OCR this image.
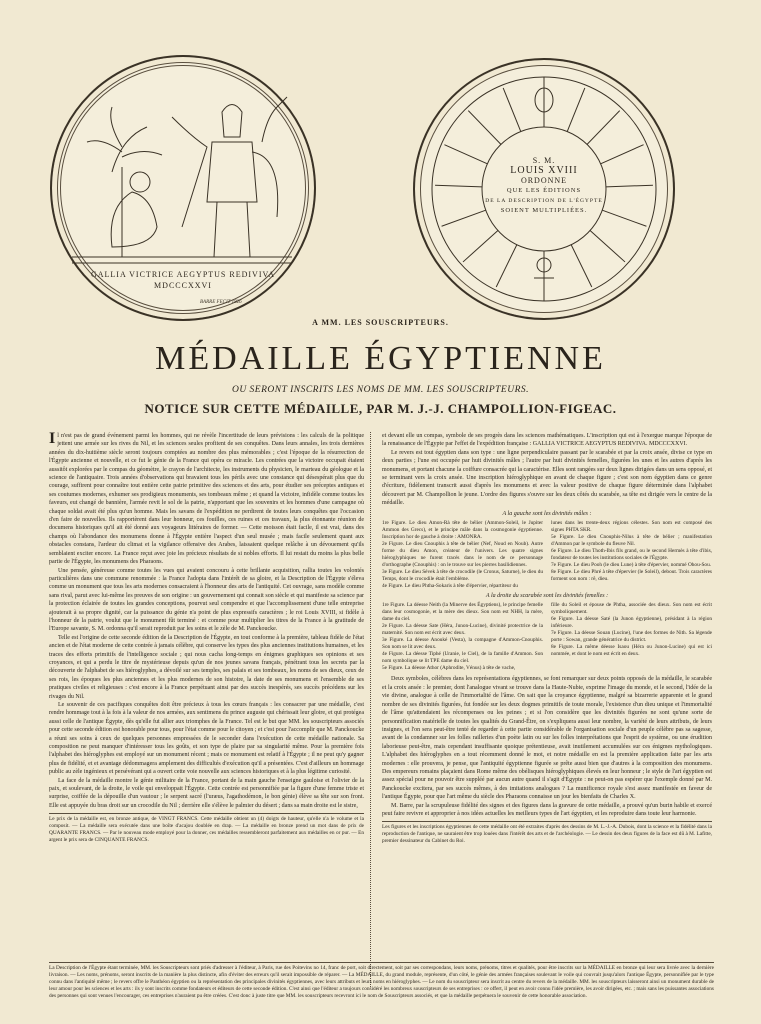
GALLIA VICTRICE AEGYPTUS REDIVIVA
MDCCCXXVI
BARRE FECIT 1826
S. M.
LOUIS XVIII
ORDONNE
QUE LES ÉDITIONS
DE LA DESCRIPTION DE L'ÉGYPTE
SOIENT MULTIPLIÉES.
A MM. LES SOUSCRIPTEURS.
MÉDAILLE ÉGYPTIENNE
OU SERONT INSCRITS LES NOMS DE MM. LES SOUSCRIPTEURS.
NOTICE SUR CETTE MÉDAILLE, PAR M. J.-J. CHAMPOLLION-FIGEAC.

Il n'est pas de grand événement parmi les hommes, qui ne révèle l'incertitude de leurs prévisions : les calculs de la politique jettent une armée sur les rives du Nil, et les sciences seules profitent de ses conquêtes. Dans leurs annales, les trois dernières années du dix-huitième siècle seront toujours comptées au nombre des plus mémorables ; c'est l'époque de la résurrection de l'Égypte ancienne et nouvelle, et ce fut le génie de la France qui opéra ce miracle. Les contrées que la victoire occupait étaient aussitôt explorées par le compas du géomètre, le crayon de l'architecte, les instruments du physicien, le marteau du géologue et la science de l'antiquaire. Trois années d'observations qui bravaient tous les périls avec une constance qui désespérait plus que du courage, suffirent pour connaître tout entière cette patrie primitive des sciences et des arts, pour étudier ses préceptes antiques et ses coutumes modernes, exhumer ses prodigieux monuments, ses tombeaux même ; et quand la victoire, infidèle comme toutes les faveurs, eut changé de bannière, l'armée revit le sol de la patrie, n'apportant que les souvenirs et les hommes d'une campagne où chaque soldat avait été plus qu'un homme. Mais les savans de l'expédition ne perdirent de toutes leurs conquêtes que l'occasion d'en faire de nouvelles. Ils rapportèrent dans leur honneur, ces fouilles, ces ruines et ces travaux, la plus étonnante réunion de documens historiques qu'il ait été donné aux voyageurs littéraires de former. — Cette moisson était facile, il est vrai, dans des champs où l'abondance des monumens donne à l'Égypte entière l'aspect d'un seul musée ; mais facile seulement quant aux obstacles constans, l'ardeur du climat et la vigilance offensive des Arabes, laissaient quelque relâche à un dévouement qu'ils semblaient exciter encore. La France reçut avec joie les précieux résultats de si nobles efforts. Il lui restait du moins la plus belle partie de l'Égypte, les monumens des Pharaons.

Une pensée, généreuse comme toutes les vues qui avaient concouru à cette brillante acquisition, rallia toutes les volontés particulières dans une commune renommée : la France l'adopta dans l'intérêt de sa gloire, et la Description de l'Égypte s'éleva comme un monument que tous les arts modernes consacraient à l'honneur des arts de l'antiquité. Cet ouvrage, sans modèle comme sans rival, parut avec lui-même les preuves de son origine : un gouvernement qui connait son siècle et qui manifeste sa science par la protection éclairée de toutes les grandes conceptions, pourvut seul compendre et que l'accomplissement d'une telle entreprise ajouterait à sa propre dignité, car la puissance du génie n'a point de plus expressifs caractères ; le roi Louis XVIII, si fidèle à l'honneur de la patrie, voulut que le monument fût terminé : et comme pour multiplier les titres de la France à la gratitude de l'Europe savante, S. M. ordonna qu'il serait reproduit par les soins et le zèle de M. Panckoucke.

Telle est l'origine de cette seconde édition de la Description de l'Égypte, en tout conforme à la première, tableau fidèle de l'état ancien et de l'état moderne de cette contrée à jamais célèbre, qui conserve les types des plus anciennes institutions humaines, et les traces des efforts primitifs de l'intelligence sociale ; qui nous cacha long-temps en énigmes graphiques ses opinions et ses croyances, et qui a perdu le titre de mystérieuse depuis qu'un de nos jeunes savans français, pénétrant tous les secrets par la découverte de l'alphabet de ses hiéroglyphes, a dévoilé sur ses temples, ses palais et ses tombeaux, les noms de ses dieux, ceux de ses rois, les époques les plus anciennes et les plus modernes de son histoire, la date de ses monumens et l'ensemble de ses pratiques civiles et religieuses : c'est encore à la France perpétuant ainsi par des succès inespérés, ses succès précédens sur les rivages du Nil.

Le souvenir de ces pacifiques conquêtes doit être précieux à tous les cœurs français : les consacrer par une médaille, c'est rendre hommage tout à la fois à la valeur de nos armées, aux sentimens du prince auguste qui chérissait leur gloire, et qui protégea aussi celle de l'antique Égypte, dès qu'elle fut allier aux triomphes de la France. Tel est le but que MM. les souscripteurs associés pour cette seconde édition est honorable pour tous, pour l'état comme pour le citoyen ; et c'est pour l'accomplir que M. Panckoucke a réuni ses soins à ceux de quelques personnes empressées de le seconder dans l'exécution de cette médaille nationale. Sa composition ne peut manquer d'intéresser tous les goûts, et son type de plaire par sa singularité même. Pour la première fois l'alphabet des hiéroglyphes est employé sur un monument récent ; mais ce monument est relatif à l'Égypte ; il ne peut qu'y gagner plus de fidélité, et et avantage dédommagera amplement des difficultés d'exécution qu'il a présentées. C'est d'ailleurs un hommage public au zèle ingénieux et persévérant qui a ouvert cette voie nouvelle aux sciences historiques et à la plus légitime curiosité.

La face de la médaille montre le génie militaire de la France, portant de la main gauche l'enseigne gauloise et l'olivier de la paix, et soulevant, de la droite, le voile qui enveloppait l'Égypte. Cette contrée est personnifiée par la figure d'une femme triste et surprise, coiffée de la dépouille d'un vautour ; le serpent sacré (l'uræus, l'agathodémon, le bon génie) élève sa tête sur son front. Elle est appuyée du bras droit sur un crocodile du Nil ; derrière elle s'élève le palmier du désert ; dans sa main droite est le sistre,

Le prix de la médaille est, en bronze antique, de VINGT FRANCS. Cette médaille obtient un (4) doigts de hauteur, qu'elle n'a le volume et la composit. — La médaille sera exécutée dans une boîte d'acajou doublée en drap. — La médaille en bronze prend un mot dans de prix de QUARANTE FRANCS. — Par le nouveau mode employé pour la donner, ces médailles ressembleront parfaitement aux médailles en or pur. — En argent le prix sera de CINQUANTE FRANCS.

et devant elle un compas, symbole de ses progrès dans les sciences mathématiques. L'inscription qui est à l'exergue marque l'époque de la renaissance de l'Égypte par l'effet de l'expédition française : GALLIA VICTRICE AEGYPTUS REDIVIVA. MDCCCXXVI.

Le revers est tout égyptien dans son type : une ligne perpendiculaire passant par le scarabée et par la croix ansée, divise ce type en deux parties ; l'une est occupée par huit divinités mâles ; l'autre par huit divinités femelles, figurées les unes et les autres d'après les monumens, et portant chacune la coiffure consacrée qui la caractérise. Elles sont rangées sur deux lignes dirigées dans un sens opposé, et se terminant vers la croix ansée. Une inscription hiéroglyphique en avant de chaque figure ; c'est son nom égyptien dans ce genre d'écriture, fidèlement transcrit aussi d'après les monumens et avec la valeur positive de chaque figure déterminée dans l'alphabet découvert par M. Champollion le jeune. L'ordre des figures s'ouvre sur les deux côtés du scarabée, sa tête est dirigée vers le centre de la médaille.

A la gauche sont les divinités mâles :
1re Figure. Le dieu Amon-Rà tête de bélier (Ammon-Soleil, le Jupiter Ammon des Grecs), et le principe mâle dans la cosmogonie égyptienne. Inscription hor de gauche à droite : AMONRA.
2e Figure. Le dieu Cnouphis à tête de bélier (Nef, Noud en Noub). Autre forme du dieu Amon, créateur de l'univers. Les quatre signes hiéroglyphiques ne furent tracés dans le nom de ce personnage d'orthographe (Cnouphis) : on le trouve sur les pierres basilidiennes.
3e Figure. Le dieu Sévek à tête de crocodile (le Cronus, Saturne), le dieu du Temps, dont le crocodile était l'emblème.
4e Figure. Le dieu Phtha-Sokaris à tête d'épervier, répartiteur du
lunes dans les trente-deux régions célestes. Son nom est composé des signes PHTA SKR.
5e Figure. Le dieu Cnouphis-Nilus à tête de bélier ; manifestation d'Ammon par le symbole du fleuve Nil.
6e Figure. Le dieu Thoth-Ibis fils grand, ou le second Hermès à tête d'ibis, fondateur de toutes les institutions sociales de l'Égypte.
7e Figure. Le dieu Pooh (le dieu Lune) à tête d'épervier, nommé Ohou-Sou.
8e Figure. Le dieu Phré à tête d'épervier (le Soleil), debout. Trois caractères forment son nom : rê, dieu.
A la droite du scarabée sont les divinités femelles :
1re Figure. La déesse Neith (la Minerve des Égyptiens), le principe femelle dans leur cosmogonie, et la mère des dieux. Son nom est NHH, la mère, dame du ciel.
2e Figure. La déesse Sate (Héra, Junon-Lucine), divinité protectrice de la maternité. Son nom est écrit avec deux.
3e Figure. La déesse Anouké (Vesta), la compagne d'Ammon-Cnouphis. Son nom se lit avec deux.
4e Figure. La déesse Tiphé (Uranie, le Ciel), de la famille d'Ammon. Son nom symbolique se lit TPE dame du ciel.
5e Figure. La déesse Athor (Aphrodite, Vénus) à tête de vache,
fille du Soleil et épouse de Phtha, associée des dieux. Son nom est écrit symboliquement.
6e Figure. La déesse Saté (la Junon égyptienne), présidant à la région inférieure.
7e Figure. La déesse Souan (Lucine), l'une des formes de Nith. Sa légende porte : Sowan, grande génératrice du district.
8e Figure. La même déesse Isaou (Héra ou Junon-Lucine) qui est ici nommée, et dont le nom est écrit en deux.

Deux symboles, célèbres dans les représentations égyptiennes, se font remarquer sur deux points opposés de la médaille, le scarabée et la croix ansée : le premier, dont l'analogue vivant se trouve dans la Haute-Nubie, exprime l'image du monde, et le second, l'idée de la vie divine, analogue à celle de l'immortalité de l'âme. On sait que la croyance égyptienne, malgré sa bizarrerie apparente et le grand nombre de ses divinités figurées, fut fondée sur les deux dogmes primitifs de toute morale, l'existence d'un dieu unique et l'immortalité de l'âme qu'attendaient les récompenses ou les peines ; et si l'on considère que les divinités figurées ne sont qu'une sorte de personnification matérielle de toutes les qualités du Grand-Être, on s'expliquera aussi leur nombre, la variété de leurs attributs, de leurs insignes, et l'on sera peut-être tenté de regarder à cette partie considérable de l'organisation sociale d'un peuple célèbre pas sa sagesse, avant de la condamner sur les folles railleries d'un poète latin ou sur les folles interprétations que l'esprit de système, ou une érudition laborieuse peut-être, mais cependant insuffisante quoique prétentieuse, avait inutilement accumulées sur ces énigmes mythologiques. L'alphabet des hiéroglyphes en a tout récemment donné le mot, et notre médaille en est la première application faite par les arts modernes : elle prouvera, je pense, que l'antiquité égyptienne figurée se prête aussi bien que d'autres à la composition des monumens. Des empereurs romains plaçaient dans Rome même des obélisques hiéroglyphiques élevés en leur honneur ; le style de l'art égyptien est assez spécial pour ne pouvoir être suppléé par aucun autre quand il s'agit d'Égypte : ne peut-on pas espérer que l'exemple donné par M. Panckoucke excitera, par ses succès mêmes, à des imitations analogues ? La munificence royale s'est assez manifestée en faveur de l'antique Égypte, pour que l'art même du siècle des Pharaons connaisse un jour les bienfaits de Charles X.

M. Barre, par la scrupuleuse fidélité des signes et des figures dans la gravure de cette médaille, a prouvé qu'un burin habile et exercé peut faire revivre et approprier à nos idées actuelles les meilleurs types de l'art égyptien, et les reproduire dans toute leur harmonie.

Les figures et les inscriptions égyptiennes de cette médaille ont été extraites d'après des dessins de M. L.-J.-A. Dubois, dont la science et la fidélité dans la reproduction de l'antique, ne sauraient être trop louées dans l'intérêt des arts et de l'archéologie. — Le dessin des deux figures de la face est dû à M. Lafitte, premier dessinateur du Cabinet du Roi.
La Description de l'Égypte étant terminée, MM. les Souscripteurs sont priés d'adresser à l'éditeur, à Paris, rue des Poitevins no 14, franc de port, soit directement, soit par ses correspondans, leurs noms, prénoms, titres et qualités, pour être inscrits sur la MÉDAILLE en bronze qui leur sera livrée avec la dernière livraison. — Les noms, prénoms, seront inscrits de la manière la plus distincte, afin d'éviter des erreurs qu'il serait impossible de réparer. — La MÉDAILLE, du grand module, représente, d'un côté, le génie des armées françaises soulevant le voile qui couvrait jusqu'alors l'antique Égypte, personnifiée par le type connu dans l'antiquité même ; le revers offre le Panthéon égyptien ou la représentation des principales divinités égyptiennes, avec leurs attributs et leurs noms en hiéroglyphes. — Le nom du souscripteur sera inscrit au centre du revers de la médaille. MM. les souscripteurs laisseront ainsi un monument durable de leur amour pour les sciences et les arts : ils y sont inscrits comme fondateurs et éditeurs de cette seconde édition. C'est ainsi que l'éditeur a toujours considéré les nombreux souscripteurs de ses entreprises : ce offert, il peut en avoir connu l'idée première, les avoir dirigées, etc. ; mais sans les puissantes associations des personnes qui sont venues l'encourager, ces entreprises n'auraient pu être créées. C'est donc à juste titre que MM. les souscripteurs recevront ici le nom de Souscripteurs associés, et que la médaille perpétuera le souvenir de cette honorable association.
